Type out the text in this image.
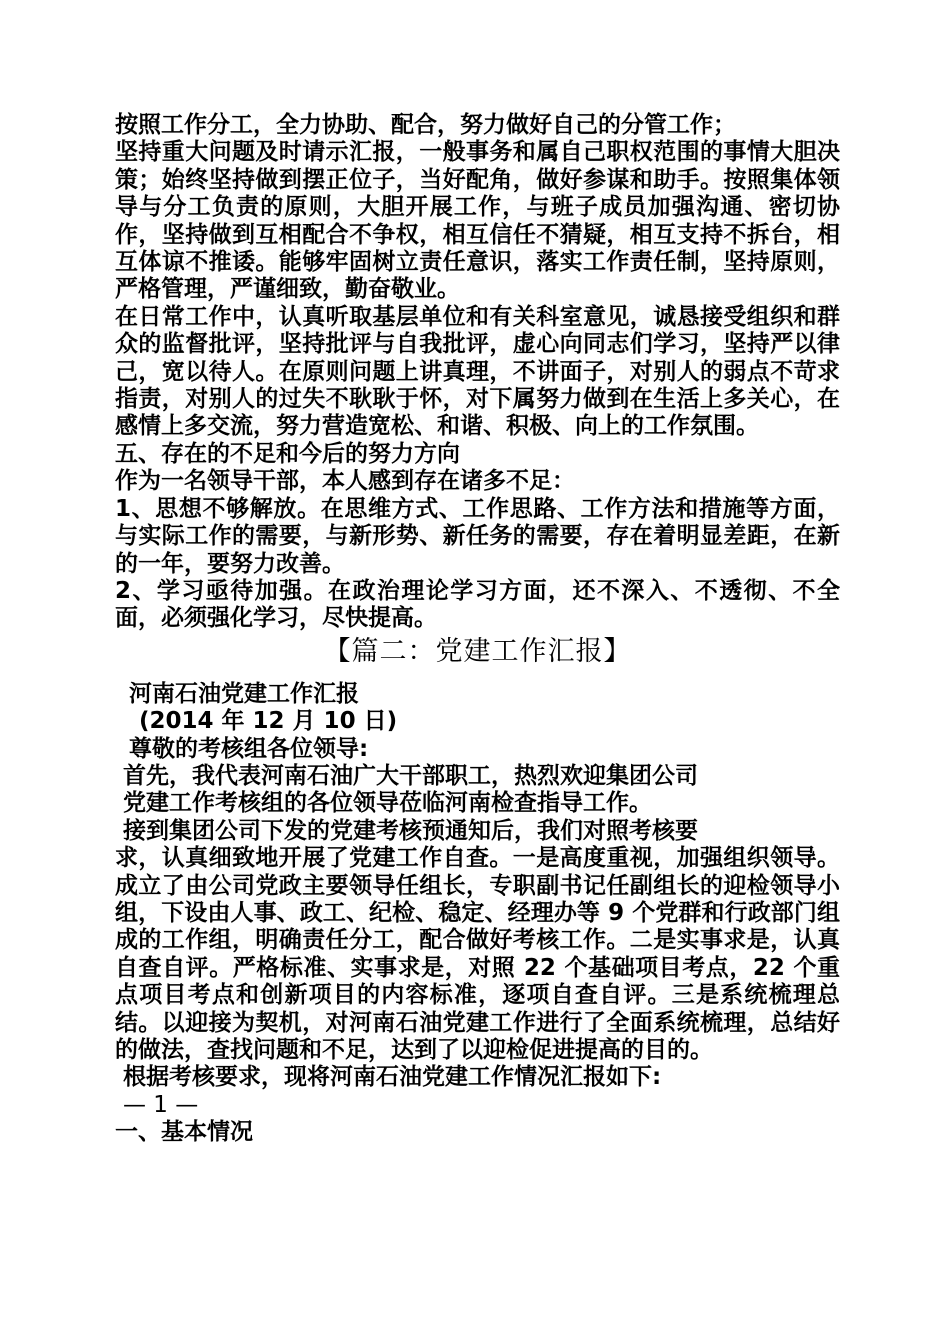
按照工作分工，全力协助、配合，努力做好自己的分管工作；

坚持重大问题及时请示汇报，一般事务和属自己职权范围的事情大胆决策；始终坚持做到摆正位子，当好配角，做好参谋和助手。按照集体领导与分工负责的原则，大胆开展工作，与班子成员加强沟通、密切协作，坚持做到互相配合不争权，相互信任不猜疑，相互支持不拆台，相互体谅不推诿。能够牢固树立责任意识，落实工作责任制，坚持原则，严格管理，严谨细致，勤奋敬业。

在日常工作中，认真听取基层单位和有关科室意见，诚恳接受组织和群众的监督批评，坚持批评与自我批评，虚心向同志们学习，坚持严以律己，宽以待人。在原则问题上讲真理，不讲面子，对别人的弱点不苛求指责，对别人的过失不耿耿于怀，对下属努力做到在生活上多关心，在感情上多交流，努力营造宽松、和谐、积极、向上的工作氛围。

五、存在的不足和今后的努力方向

作为一名领导干部，本人感到存在诸多不足：

1、思想不够解放。在思维方式、工作思路、工作方法和措施等方面，与实际工作的需要，与新形势、新任务的需要，存在着明显差距，在新的一年，要努力改善。

2、学习亟待加强。在政治理论学习方面，还不深入、不透彻、不全面，必须强化学习，尽快提高。

【篇二：党建工作汇报】

河南石油党建工作汇报

(2014 年 12 月 10 日)

尊敬的考核组各位领导:

首先，我代表河南石油广大干部职工，热烈欢迎集团公司

党建工作考核组的各位领导莅临河南检查指导工作。

接到集团公司下发的党建考核预通知后，我们对照考核要

求，认真细致地开展了党建工作自查。一是高度重视，加强组织领导。成立了由公司党政主要领导任组长，专职副书记任副组长的迎检领导小组，下设由人事、政工、纪检、稳定、经理办等 9 个党群和行政部门组成的工作组，明确责任分工，配合做好考核工作。二是实事求是，认真自查自评。严格标准、实事求是，对照 22 个基础项目考点，22 个重点项目考点和创新项目的内容标准，逐项自查自评。三是系统梳理总结。以迎接为契机，对河南石油党建工作进行了全面系统梳理，总结好的做法，查找问题和不足，达到了以迎检促进提高的目的。

根据考核要求，现将河南石油党建工作情况汇报如下:

— 1 —

一、基本情况
